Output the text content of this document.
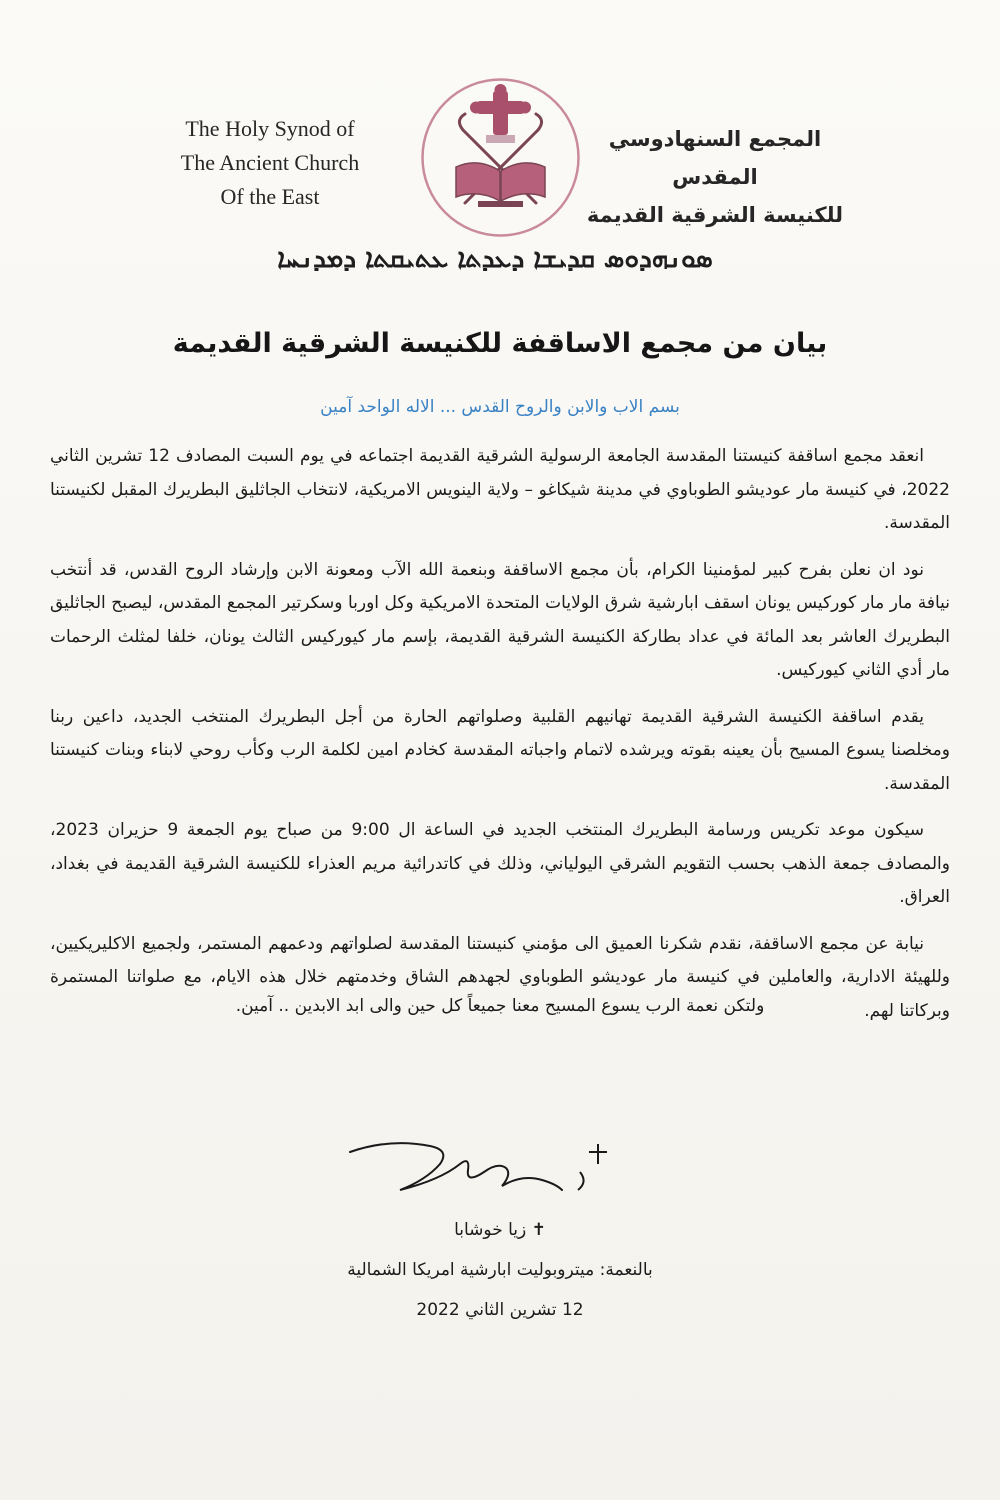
The Holy Synod of
The Ancient Church
Of the East
المجمع السنهادوسي المقدس
للكنيسة الشرقية القديمة
ܣܘܢܗܕܘܣ ܩܕܝܫܐ ܕܥܕܬܐ ܥܬܝܩܬܐ ܕܡܕܢܚܐ
بيان من مجمع الاساقفة للكنيسة الشرقية القديمة
بسم الاب والابن والروح القدس ... الاله الواحد آمين

انعقد مجمع اساقفة كنيستنا المقدسة الجامعة الرسولية الشرقية القديمة اجتماعه في يوم السبت المصادف 12 تشرين الثاني 2022، في كنيسة مار عوديشو الطوباوي في مدينة شيكاغو – ولاية الينويس الامريكية، لانتخاب الجاثليق البطريرك المقبل لكنيستنا المقدسة.

نود ان نعلن بفرح كبير لمؤمنينا الكرام، بأن مجمع الاساقفة وبنعمة الله الآب ومعونة الابن وإرشاد الروح القدس، قد أنتخب نيافة مار مار كوركيس يونان اسقف ابارشية شرق الولايات المتحدة الامريكية وكل اوربا وسكرتير المجمع المقدس، ليصبح الجاثليق البطريرك العاشر بعد المائة في عداد بطاركة الكنيسة الشرقية القديمة، بإسم مار كيوركيس الثالث يونان، خلفا لمثلث الرحمات مار أدي الثاني كيوركيس.

يقدم اساقفة الكنيسة الشرقية القديمة تهانيهم القلبية وصلواتهم الحارة من أجل البطريرك المنتخب الجديد، داعين ربنا ومخلصنا يسوع المسيح بأن يعينه بقوته ويرشده لاتمام واجباته المقدسة كخادم امين لكلمة الرب وكأب روحي لابناء وبنات كنيستنا المقدسة.

سيكون موعد تكريس ورسامة البطريرك المنتخب الجديد في الساعة ال 9:00 من صباح يوم الجمعة 9 حزيران 2023، والمصادف جمعة الذهب بحسب التقويم الشرقي اليولياني، وذلك في كاتدرائية مريم العذراء للكنيسة الشرقية القديمة في بغداد، العراق.

نيابة عن مجمع الاساقفة، نقدم شكرنا العميق الى مؤمني كنيستنا المقدسة لصلواتهم ودعمهم المستمر، ولجميع الاكليريكيين، وللهيئة الادارية، والعاملين في كنيسة مار عوديشو الطوباوي لجهدهم الشاق وخدمتهم خلال هذه الايام، مع صلواتنا المستمرة وبركاتنا لهم.

ولتكن نعمة الرب يسوع المسيح معنا جميعاً كل حين والى ابد الابدين .. آمين.
✝ زيا خوشابا
بالنعمة: ميتروبوليت ابارشية امريكا الشمالية
12 تشرين الثاني 2022
